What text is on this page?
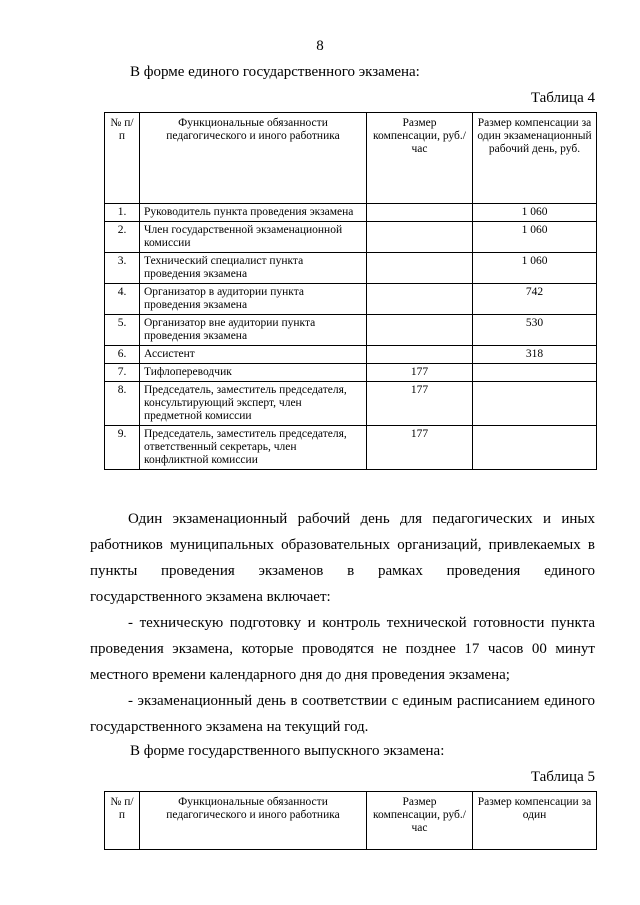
8
В форме единого государственного экзамена:
Таблица 4
№ п/п	Функциональные обязанности педагогического и иного работника	Размер компенсации, руб./час	Размер компенсации за один экзаменационный рабочий день, руб.
1.	Руководитель пункта проведения экзамена		1 060
2.	Член государственной экзаменационной комиссии		1 060
3.	Технический специалист пункта проведения экзамена		1 060
4.	Организатор в аудитории пункта проведения экзамена		742
5.	Организатор вне аудитории пункта проведения экзамена		530
6.	Ассистент		318
7.	Тифлопереводчик	177	
8.	Председатель, заместитель председателя, консультирующий эксперт, член предметной комиссии	177	
9.	Председатель, заместитель председателя, ответственный секретарь, член конфликтной комиссии	177	
Один экзаменационный рабочий день для педагогических и иных
работников муниципальных образовательных организаций, привлекаемых в
пункты проведения экзаменов в рамках проведения единого
государственного экзамена включает:
- техническую подготовку и контроль технической готовности пункта
проведения экзамена, которые проводятся не позднее 17 часов 00 минут
местного времени календарного дня до дня проведения экзамена;
- экзаменационный день в соответствии с единым расписанием единого
государственного экзамена на текущий год.
В форме государственного выпускного экзамена:
Таблица 5
№ п/п	Функциональные обязанности педагогического и иного работника	Размер компенсации, руб./час	Размер компенсации за один
